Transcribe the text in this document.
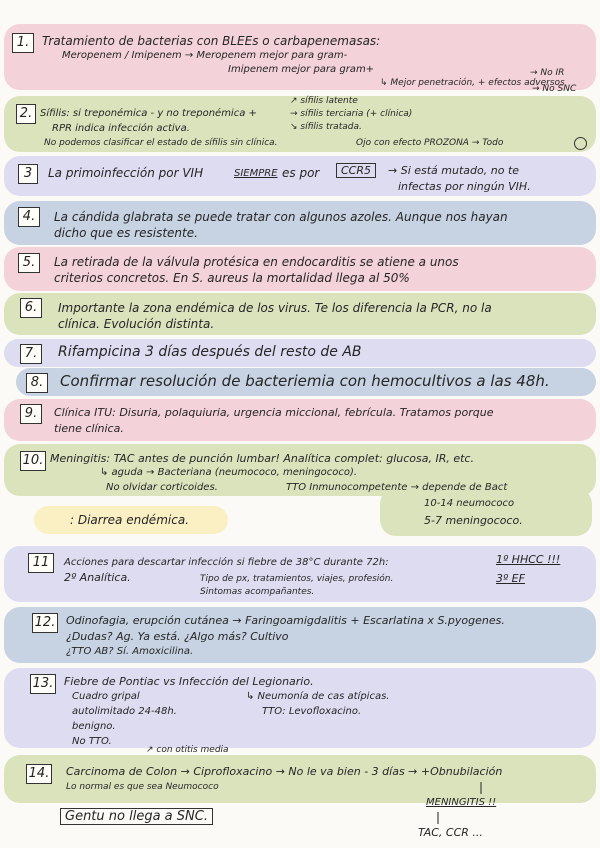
1.	Tratamiento de bacterias con BLEEs o carbapenemasas:
Meropenem / Imipenem → Meropenem mejor para gram-
Imipenem mejor para gram+
↳ Mejor penetración, + efectos adversos
→ No IR
→ No SNC
2. Sífilis: si treponémica - y no treponémica +
↗ sífilis latente
→ sífilis terciaria (+ clínica)
↘ sífilis tratada.
RPR indica infección activa.
No podemos clasificar el estado de sífilis sin clínica.	Ojo con efecto PROZONA → Todo
3	La primoinfección por VIH	SIEMPRE es por	CCR5	→ Si está mutado, no te
infectas por ningún VIH.
4.	La cándida glabrata se puede tratar con algunos azoles. Aunque nos hayan
dicho que es resistente.
5.	La retirada de la válvula protésica en endocarditis se atiene a unos
criterios concretos. En S. aureus la mortalidad llega al 50%
6.	Importante la zona endémica de los virus. Te los diferencia la PCR, no la
clínica. Evolución distinta.
7.	Rifampicina 3 días después del resto de AB
8.	Confirmar resolución de bacteriemia con hemocultivos a las 48h.
9.	Clínica ITU: Disuria, polaquiuria, urgencia miccional, febrícula. Tratamos porque
tiene clínica.
10. Meningitis: TAC antes de punción lumbar! Analítica complet: glucosa, IR, etc.
↳ aguda → Bacteriana (neumococo, meningococo).
No olvidar corticoides.	TTO Inmunocompetente → depende de Bact
10-14 neumococo
5-7 meningococo.
: Diarrea endémica.
11	Acciones para descartar infección si fiebre de 38°C durante 72h:	1º HHCC !!!
2º Analítica.	Tipo de px, tratamientos, viajes, profesión.	3º EF
Sintomas acompañantes.
12. Odinofagia, erupción cutánea → Faringoamigdalitis + Escarlatina x S.pyogenes.
¿Dudas? Ag. Ya está. ¿Algo más? Cultivo
¿TTO AB? Sí. Amoxicilina.
13. Fiebre de Pontiac vs Infección del Legionario.
Cuadro gripal	↳ Neumonía de cas atípicas.
autolimitado 24-48h.	TTO: Levofloxacino.
benigno.
No TTO.
↗ con otitis media
14. Carcinoma de Colon → Ciprofloxacino → No le va bien - 3 días → +Obnubilación
Lo normal es que sea Neumococo
MENINGITIS !!
TAC, CCR ...
Gentu no llega a SNC.
